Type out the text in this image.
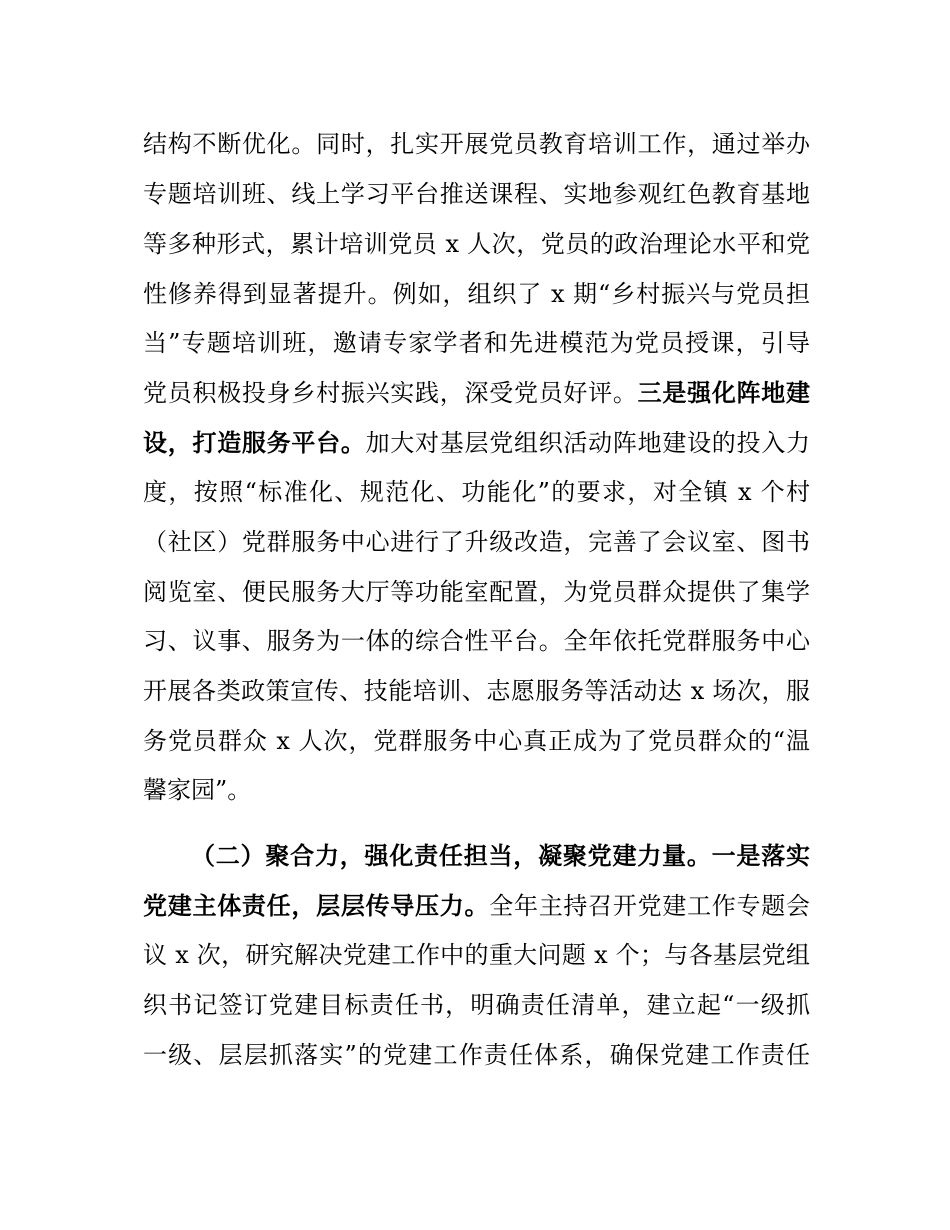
结构不断优化。同时，扎实开展党员教育培训工作，通过举办
专题培训班、线上学习平台推送课程、实地参观红色教育基地
等多种形式，累计培训党员 x 人次，党员的政治理论水平和党
性修养得到显著提升。例如，组织了 x 期“乡村振兴与党员担
当”专题培训班，邀请专家学者和先进模范为党员授课，引导
党员积极投身乡村振兴实践，深受党员好评。三是强化阵地建
设，打造服务平台。加大对基层党组织活动阵地建设的投入力
度，按照“标准化、规范化、功能化”的要求，对全镇 x 个村
（社区）党群服务中心进行了升级改造，完善了会议室、图书
阅览室、便民服务大厅等功能室配置，为党员群众提供了集学
习、议事、服务为一体的综合性平台。全年依托党群服务中心
开展各类政策宣传、技能培训、志愿服务等活动达 x 场次，服
务党员群众 x 人次，党群服务中心真正成为了党员群众的“温
馨家园”。
（二）聚合力，强化责任担当，凝聚党建力量。一是落实
党建主体责任，层层传导压力。全年主持召开党建工作专题会
议 x 次，研究解决党建工作中的重大问题 x 个；与各基层党组
织书记签订党建目标责任书，明确责任清单，建立起“一级抓
一级、层层抓落实”的党建工作责任体系，确保党建工作责任
